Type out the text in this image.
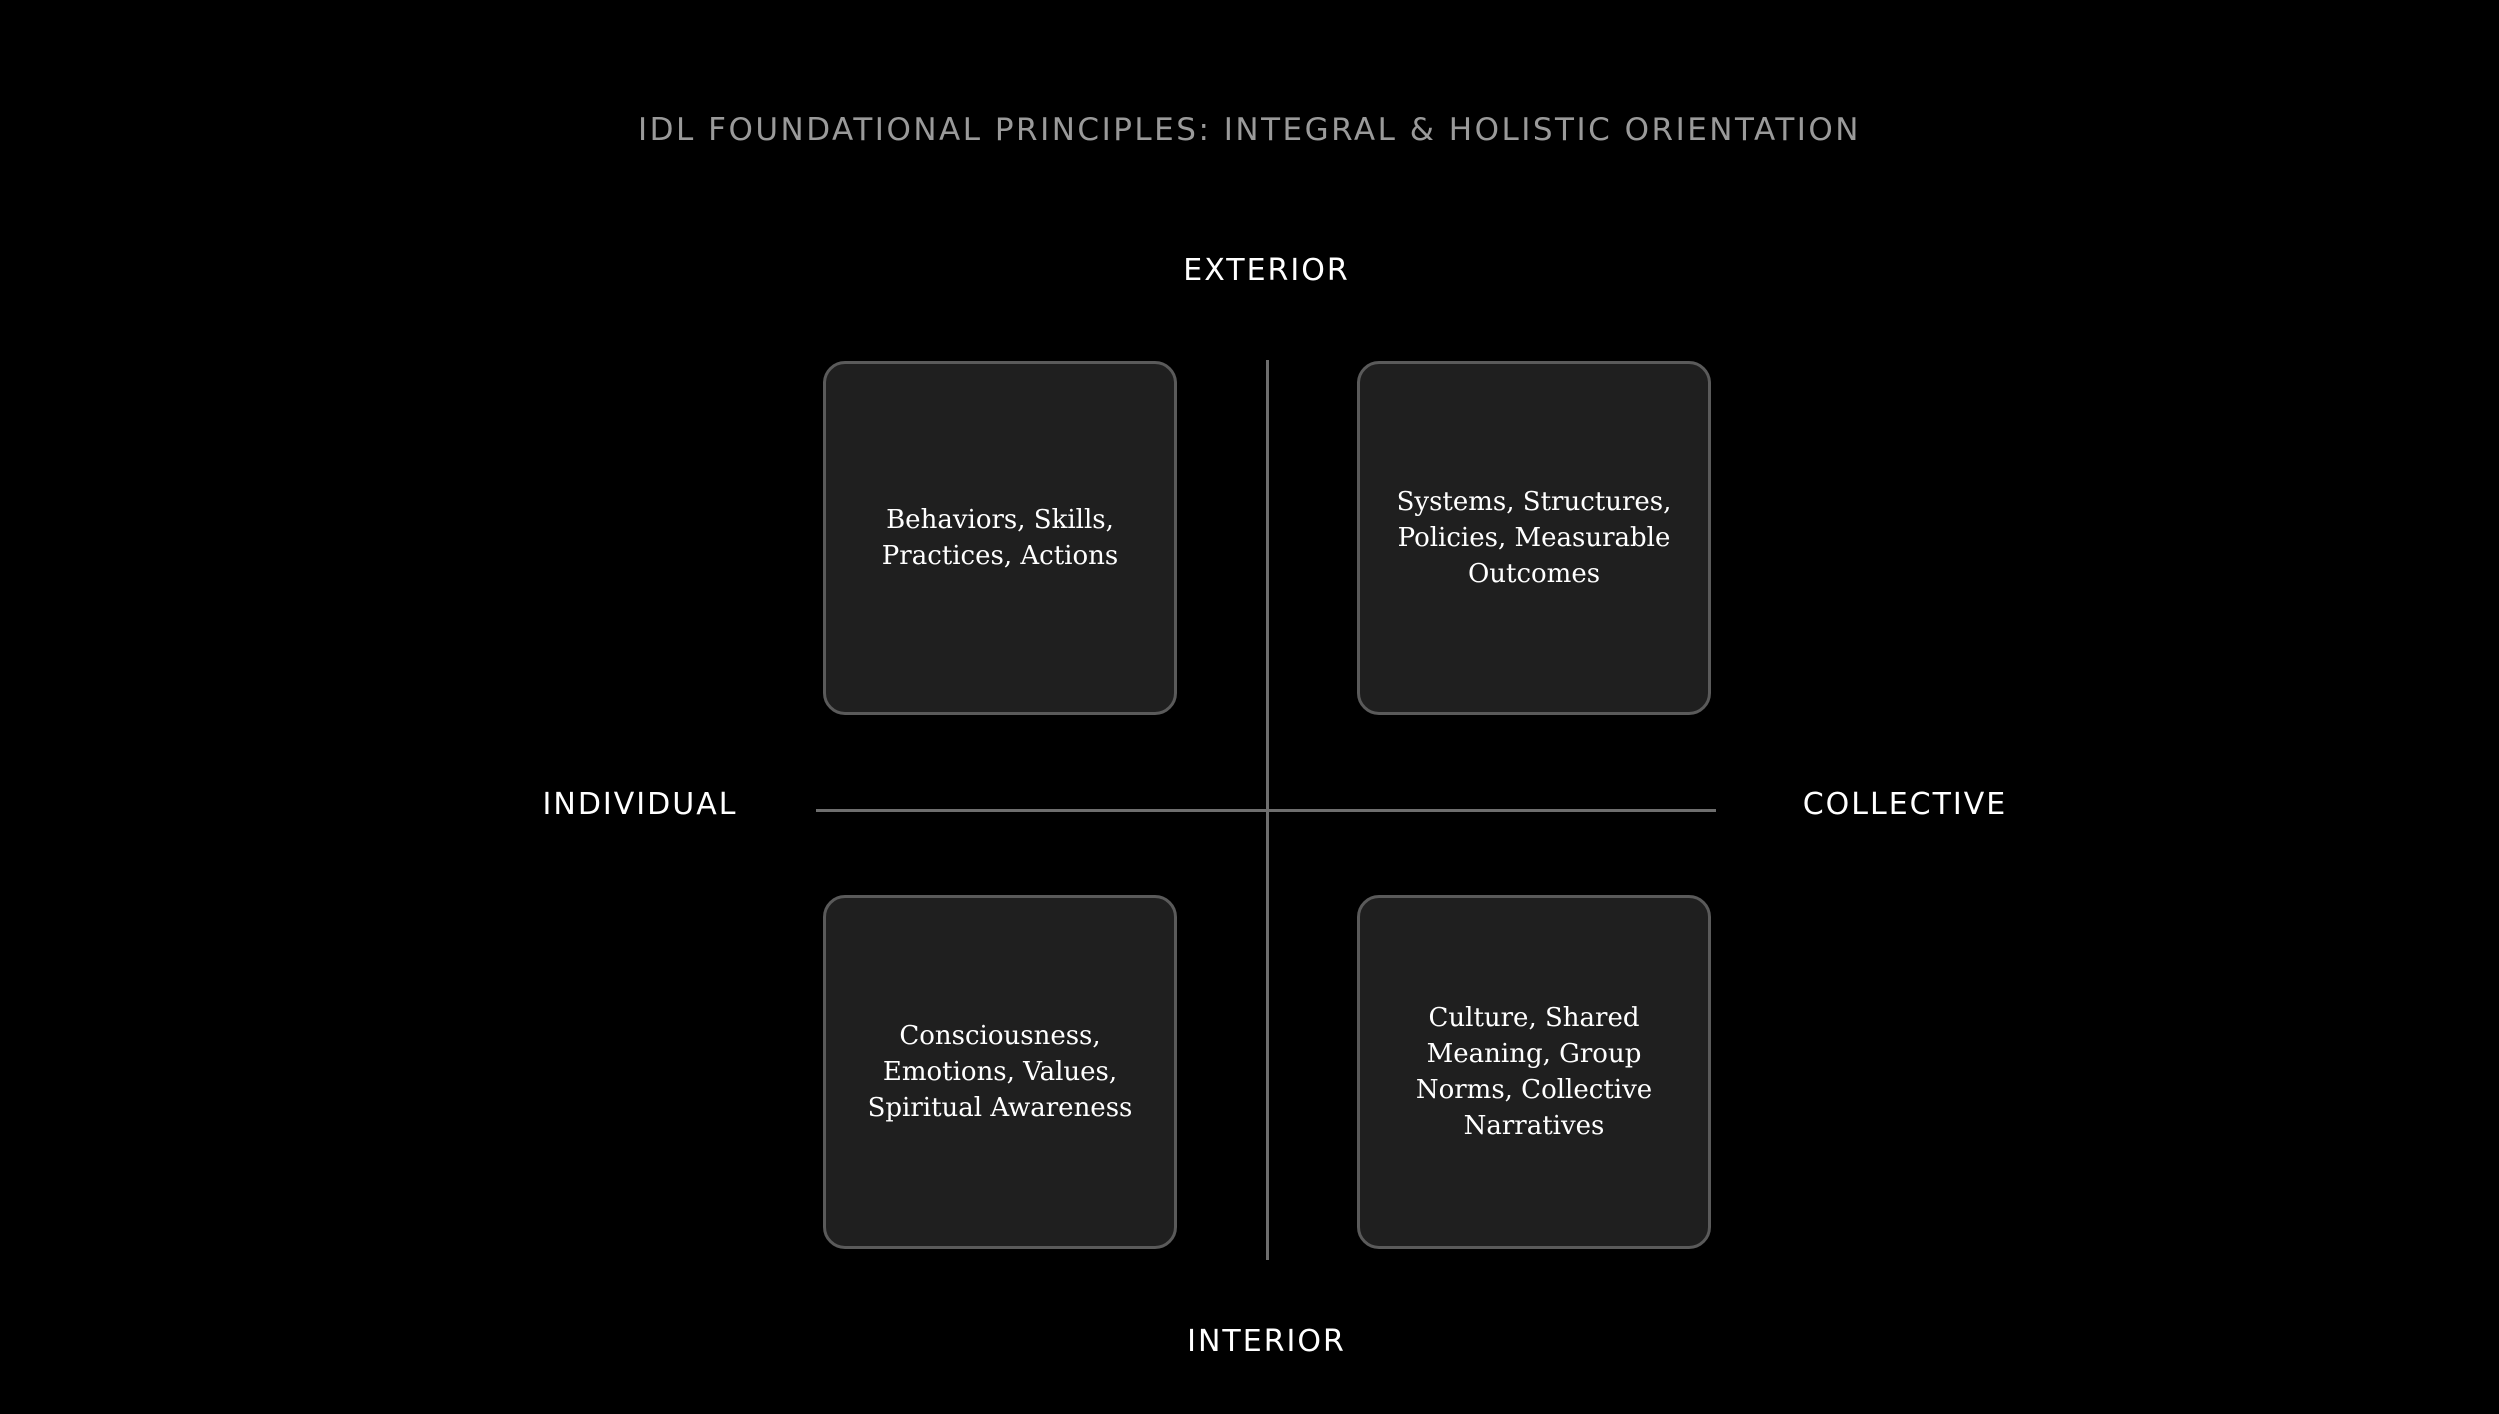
IDL FOUNDATIONAL PRINCIPLES: INTEGRAL & HOLISTIC ORIENTATION
EXTERIOR
INTERIOR
INDIVIDUAL	COLLECTIVE
Behaviors, Skills, Practices, Actions
Systems, Structures, Policies, Measurable Outcomes
Consciousness, Emotions, Values, Spiritual Awareness
Culture, Shared Meaning, Group Norms, Collective Narratives
